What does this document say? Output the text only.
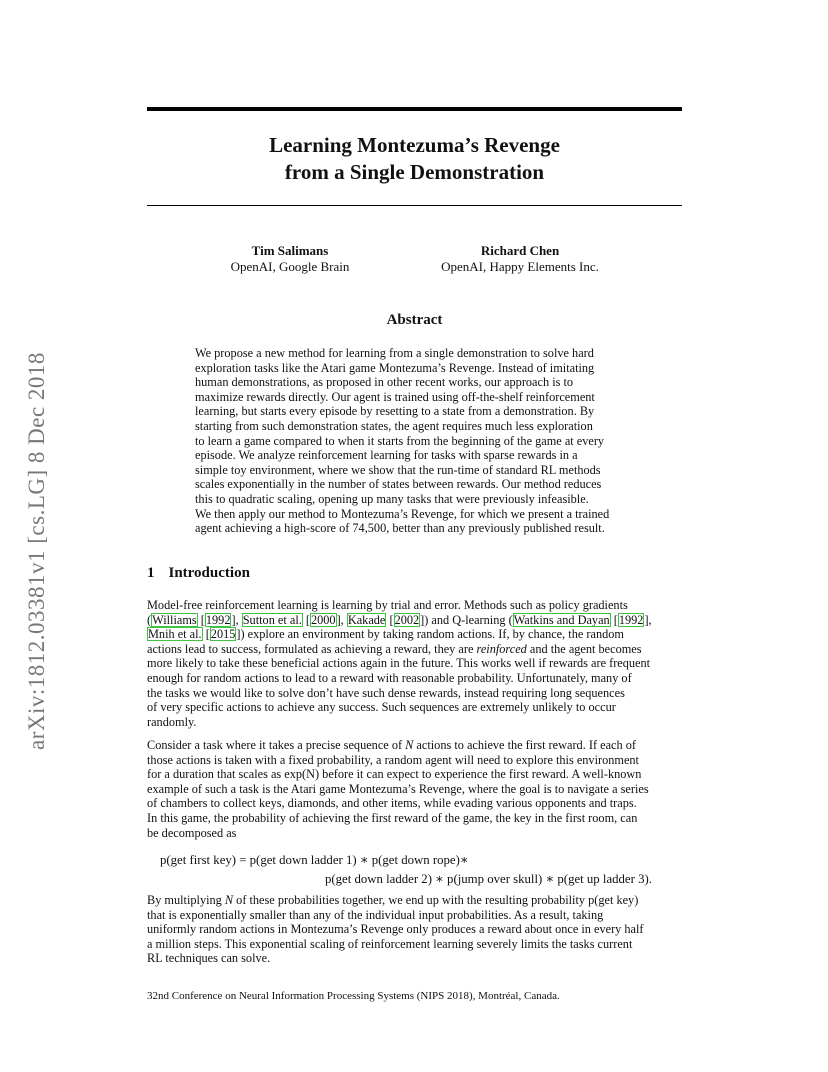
Learning Montezuma’s Revenge
from a Single Demonstration
arXiv:1812.03381v1 [cs.LG] 8 Dec 2018
Tim Salimans
OpenAI, Google Brain
Richard Chen
OpenAI, Happy Elements Inc.
Abstract
We propose a new method for learning from a single demonstration to solve hard
exploration tasks like the Atari game Montezuma’s Revenge. Instead of imitating
human demonstrations, as proposed in other recent works, our approach is to
maximize rewards directly. Our agent is trained using off-the-shelf reinforcement
learning, but starts every episode by resetting to a state from a demonstration. By
starting from such demonstration states, the agent requires much less exploration
to learn a game compared to when it starts from the beginning of the game at every
episode. We analyze reinforcement learning for tasks with sparse rewards in a
simple toy environment, where we show that the run-time of standard RL methods
scales exponentially in the number of states between rewards. Our method reduces
this to quadratic scaling, opening up many tasks that were previously infeasible.
We then apply our method to Montezuma’s Revenge, for which we present a trained
agent achieving a high-score of 74,500, better than any previously published result.
1 Introduction
Model-free reinforcement learning is learning by trial and error. Methods such as policy gradients
(Williams [1992], Sutton et al. [2000], Kakade [2002]) and Q-learning (Watkins and Dayan [1992],
Mnih et al. [2015]) explore an environment by taking random actions. If, by chance, the random
actions lead to success, formulated as achieving a reward, they are reinforced and the agent becomes
more likely to take these beneficial actions again in the future. This works well if rewards are frequent
enough for random actions to lead to a reward with reasonable probability. Unfortunately, many of
the tasks we would like to solve don’t have such dense rewards, instead requiring long sequences
of very specific actions to achieve any success. Such sequences are extremely unlikely to occur
randomly.
Consider a task where it takes a precise sequence of N actions to achieve the first reward. If each of
those actions is taken with a fixed probability, a random agent will need to explore this environment
for a duration that scales as exp(N) before it can expect to experience the first reward. A well-known
example of such a task is the Atari game Montezuma’s Revenge, where the goal is to navigate a series
of chambers to collect keys, diamonds, and other items, while evading various opponents and traps.
In this game, the probability of achieving the first reward of the game, the key in the first room, can
be decomposed as
p(get first key) = p(get down ladder 1) ∗ p(get down rope)∗
p(get down ladder 2) ∗ p(jump over skull) ∗ p(get up ladder 3).
By multiplying N of these probabilities together, we end up with the resulting probability p(get key)
that is exponentially smaller than any of the individual input probabilities. As a result, taking
uniformly random actions in Montezuma’s Revenge only produces a reward about once in every half
a million steps. This exponential scaling of reinforcement learning severely limits the tasks current
RL techniques can solve.
32nd Conference on Neural Information Processing Systems (NIPS 2018), Montréal, Canada.
